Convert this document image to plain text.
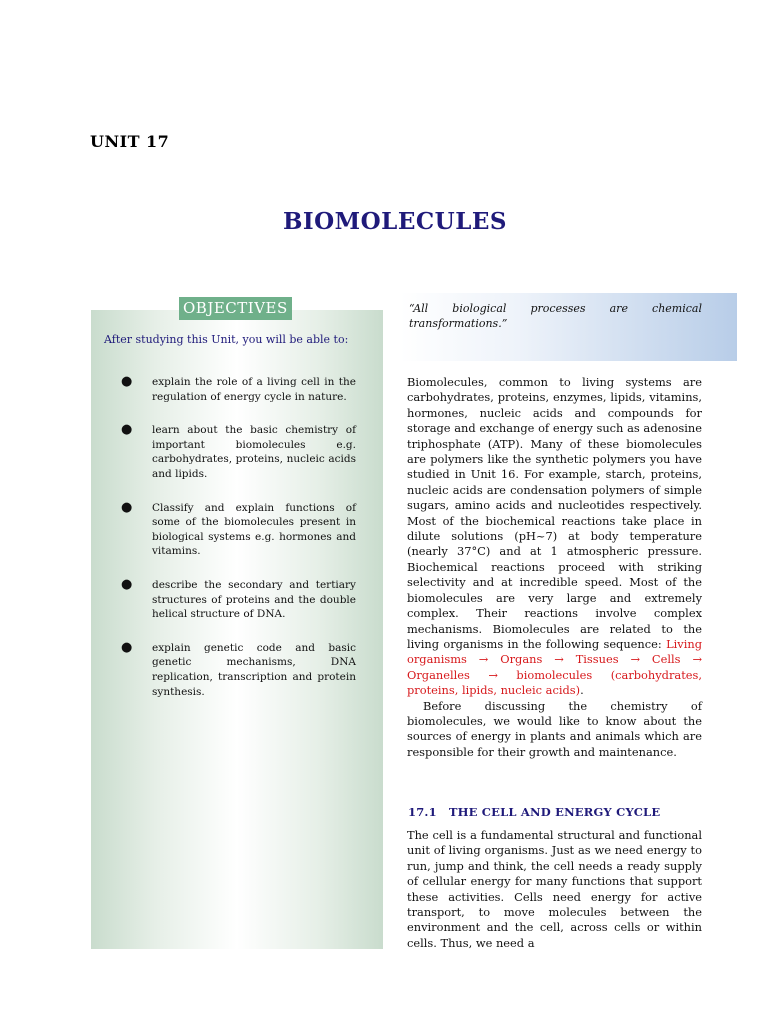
UNIT 17
BIOMOLECULES
OBJECTIVES
After studying this Unit, you will be able to:
● explain the role of a living cell in the regulation of energy cycle in nature.
● learn about the basic chemistry of important biomolecules e.g. carbohydrates, proteins, nucleic acids and lipids.
● Classify and explain functions of some of the biomolecules present in biological systems e.g. hormones and vitamins.
● describe the secondary and tertiary structures of proteins and the double helical structure of DNA.
● explain genetic code and basic genetic mechanisms, DNA replication, transcription and protein synthesis.
“All biological processes are chemical transformations.”
Biomolecules, common to living systems are carbohydrates, proteins, enzymes, lipids, vitamins, hormones, nucleic acids and compounds for storage and exchange of energy such as adenosine triphosphate (ATP). Many of these biomolecules are polymers like the synthetic polymers you have studied in Unit 16. For example, starch, proteins, nucleic acids are condensation polymers of simple sugars, amino acids and nucleotides respectively. Most of the biochemical reactions take place in dilute solutions (pH~7) at body temperature (nearly 37°C) and at 1 atmospheric pressure. Biochemical reactions proceed with striking selectivity and at incredible speed. Most of the biomolecules are very large and extremely complex. Their reactions involve complex mechanisms. Biomolecules are related to the living organisms in the following sequence: Living organisms → Organs → Tissues → Cells → Organelles → biomolecules (carbohydrates, proteins, lipids, nucleic acids).
Before discussing the chemistry of biomolecules, we would like to know about the sources of energy in plants and animals which are responsible for their growth and maintenance.
17.1 THE CELL AND ENERGY CYCLE
The cell is a fundamental structural and functional unit of living organisms. Just as we need energy to run, jump and think, the cell needs a ready supply of cellular energy for many functions that support these activities. Cells need energy for active transport, to move molecules between the environment and the cell, across cells or within cells. Thus, we need a
